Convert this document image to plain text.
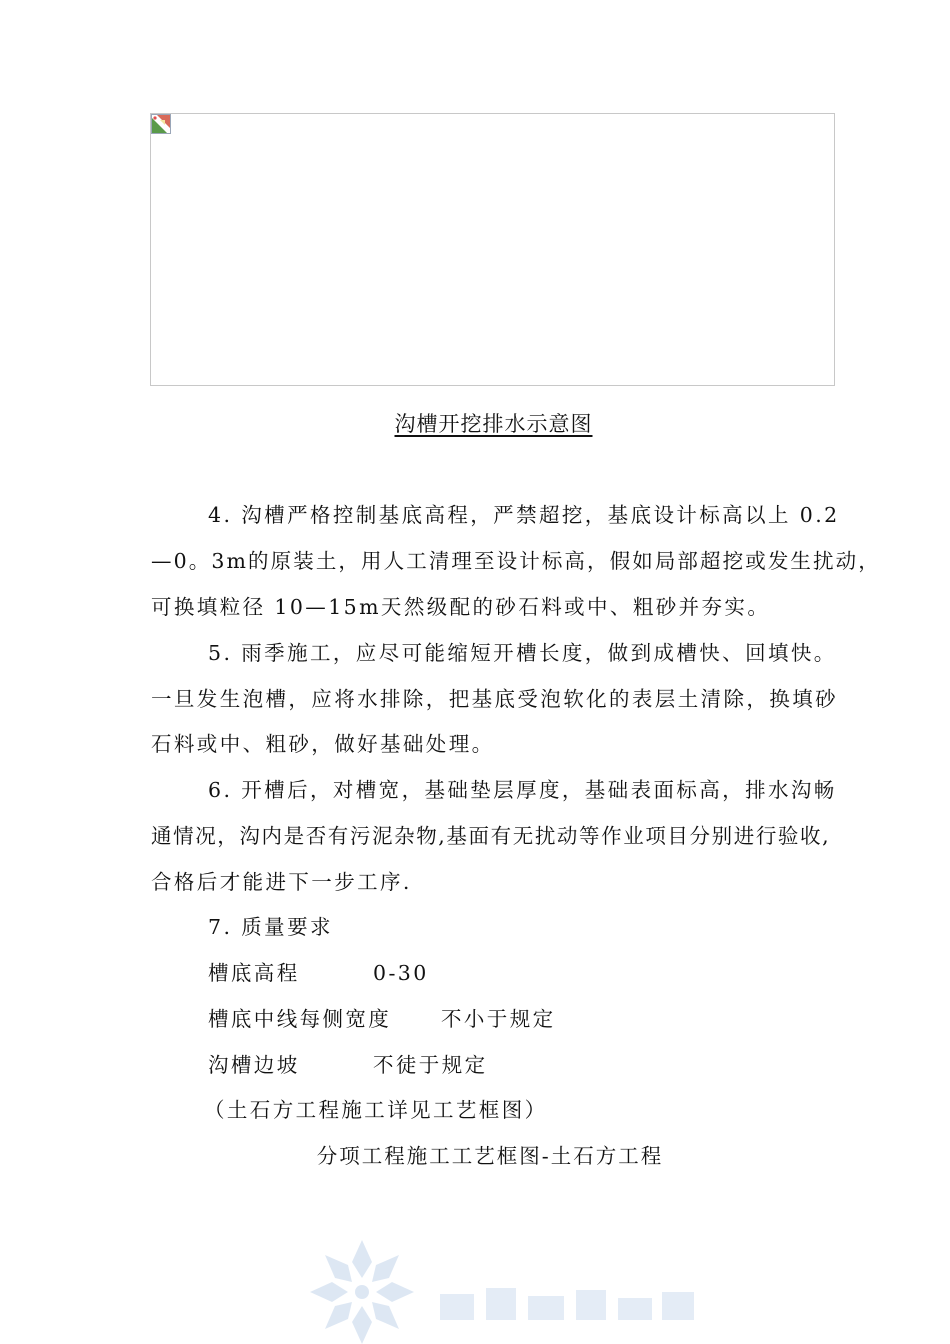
沟槽开挖排水示意图
4. 沟槽严格控制基底高程，严禁超挖，基底设计标高以上 0.2
—0。3m的原装土，用人工清理至设计标高，假如局部超挖或发生扰动，
可换填粒径 10—15m天然级配的砂石料或中、粗砂并夯实。
5. 雨季施工，应尽可能缩短开槽长度，做到成槽快、回填快。
一旦发生泡槽，应将水排除，把基底受泡软化的表层土清除，换填砂
石料或中、粗砂，做好基础处理。
6. 开槽后，对槽宽，基础垫层厚度，基础表面标高，排水沟畅
通情况，沟内是否有污泥杂物,基面有无扰动等作业项目分别进行验收,
合格后才能进下一步工序.
7. 质量要求
槽底高程	0-30
槽底中线每侧宽度 不小于规定
沟槽边坡	不徒于规定
（土石方工程施工详见工艺框图）
分项工程施工工艺框图-土石方工程
